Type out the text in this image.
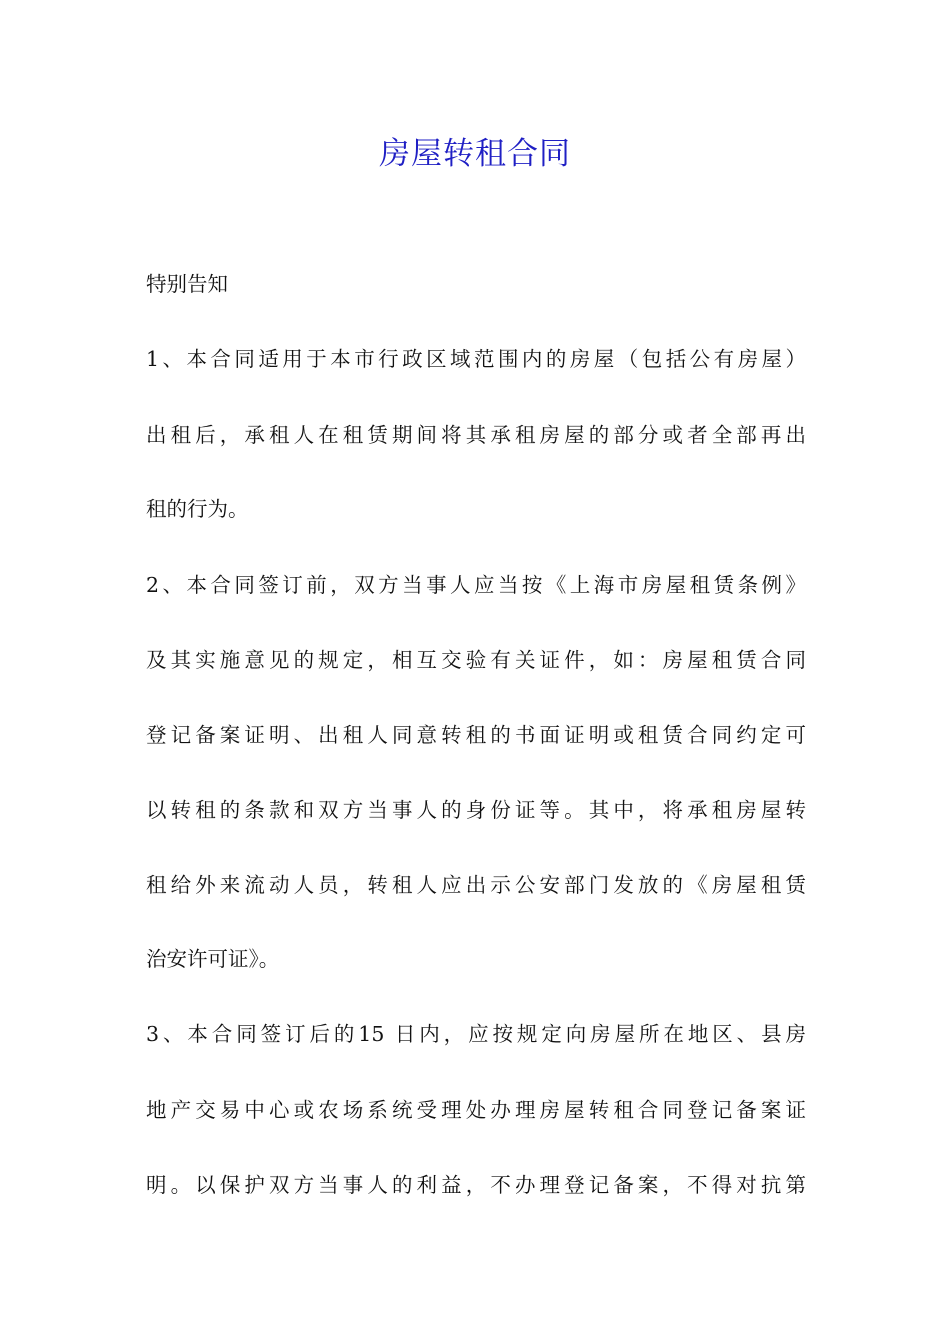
房屋转租合同

特别告知

1、本合同适用于本市行政区域范围内的房屋（包括公有房屋）

出租后，承租人在租赁期间将其承租房屋的部分或者全部再出

租的行为。

2、本合同签订前，双方当事人应当按《上海市房屋租赁条例》

及其实施意见的规定，相互交验有关证件，如：房屋租赁合同

登记备案证明、出租人同意转租的书面证明或租赁合同约定可

以转租的条款和双方当事人的身份证等。其中，将承租房屋转

租给外来流动人员，转租人应出示公安部门发放的《房屋租赁

治安许可证》。

3、本合同签订后的15 日内，应按规定向房屋所在地区、县房

地产交易中心或农场系统受理处办理房屋转租合同登记备案证

明。以保护双方当事人的利益，不办理登记备案，不得对抗第
